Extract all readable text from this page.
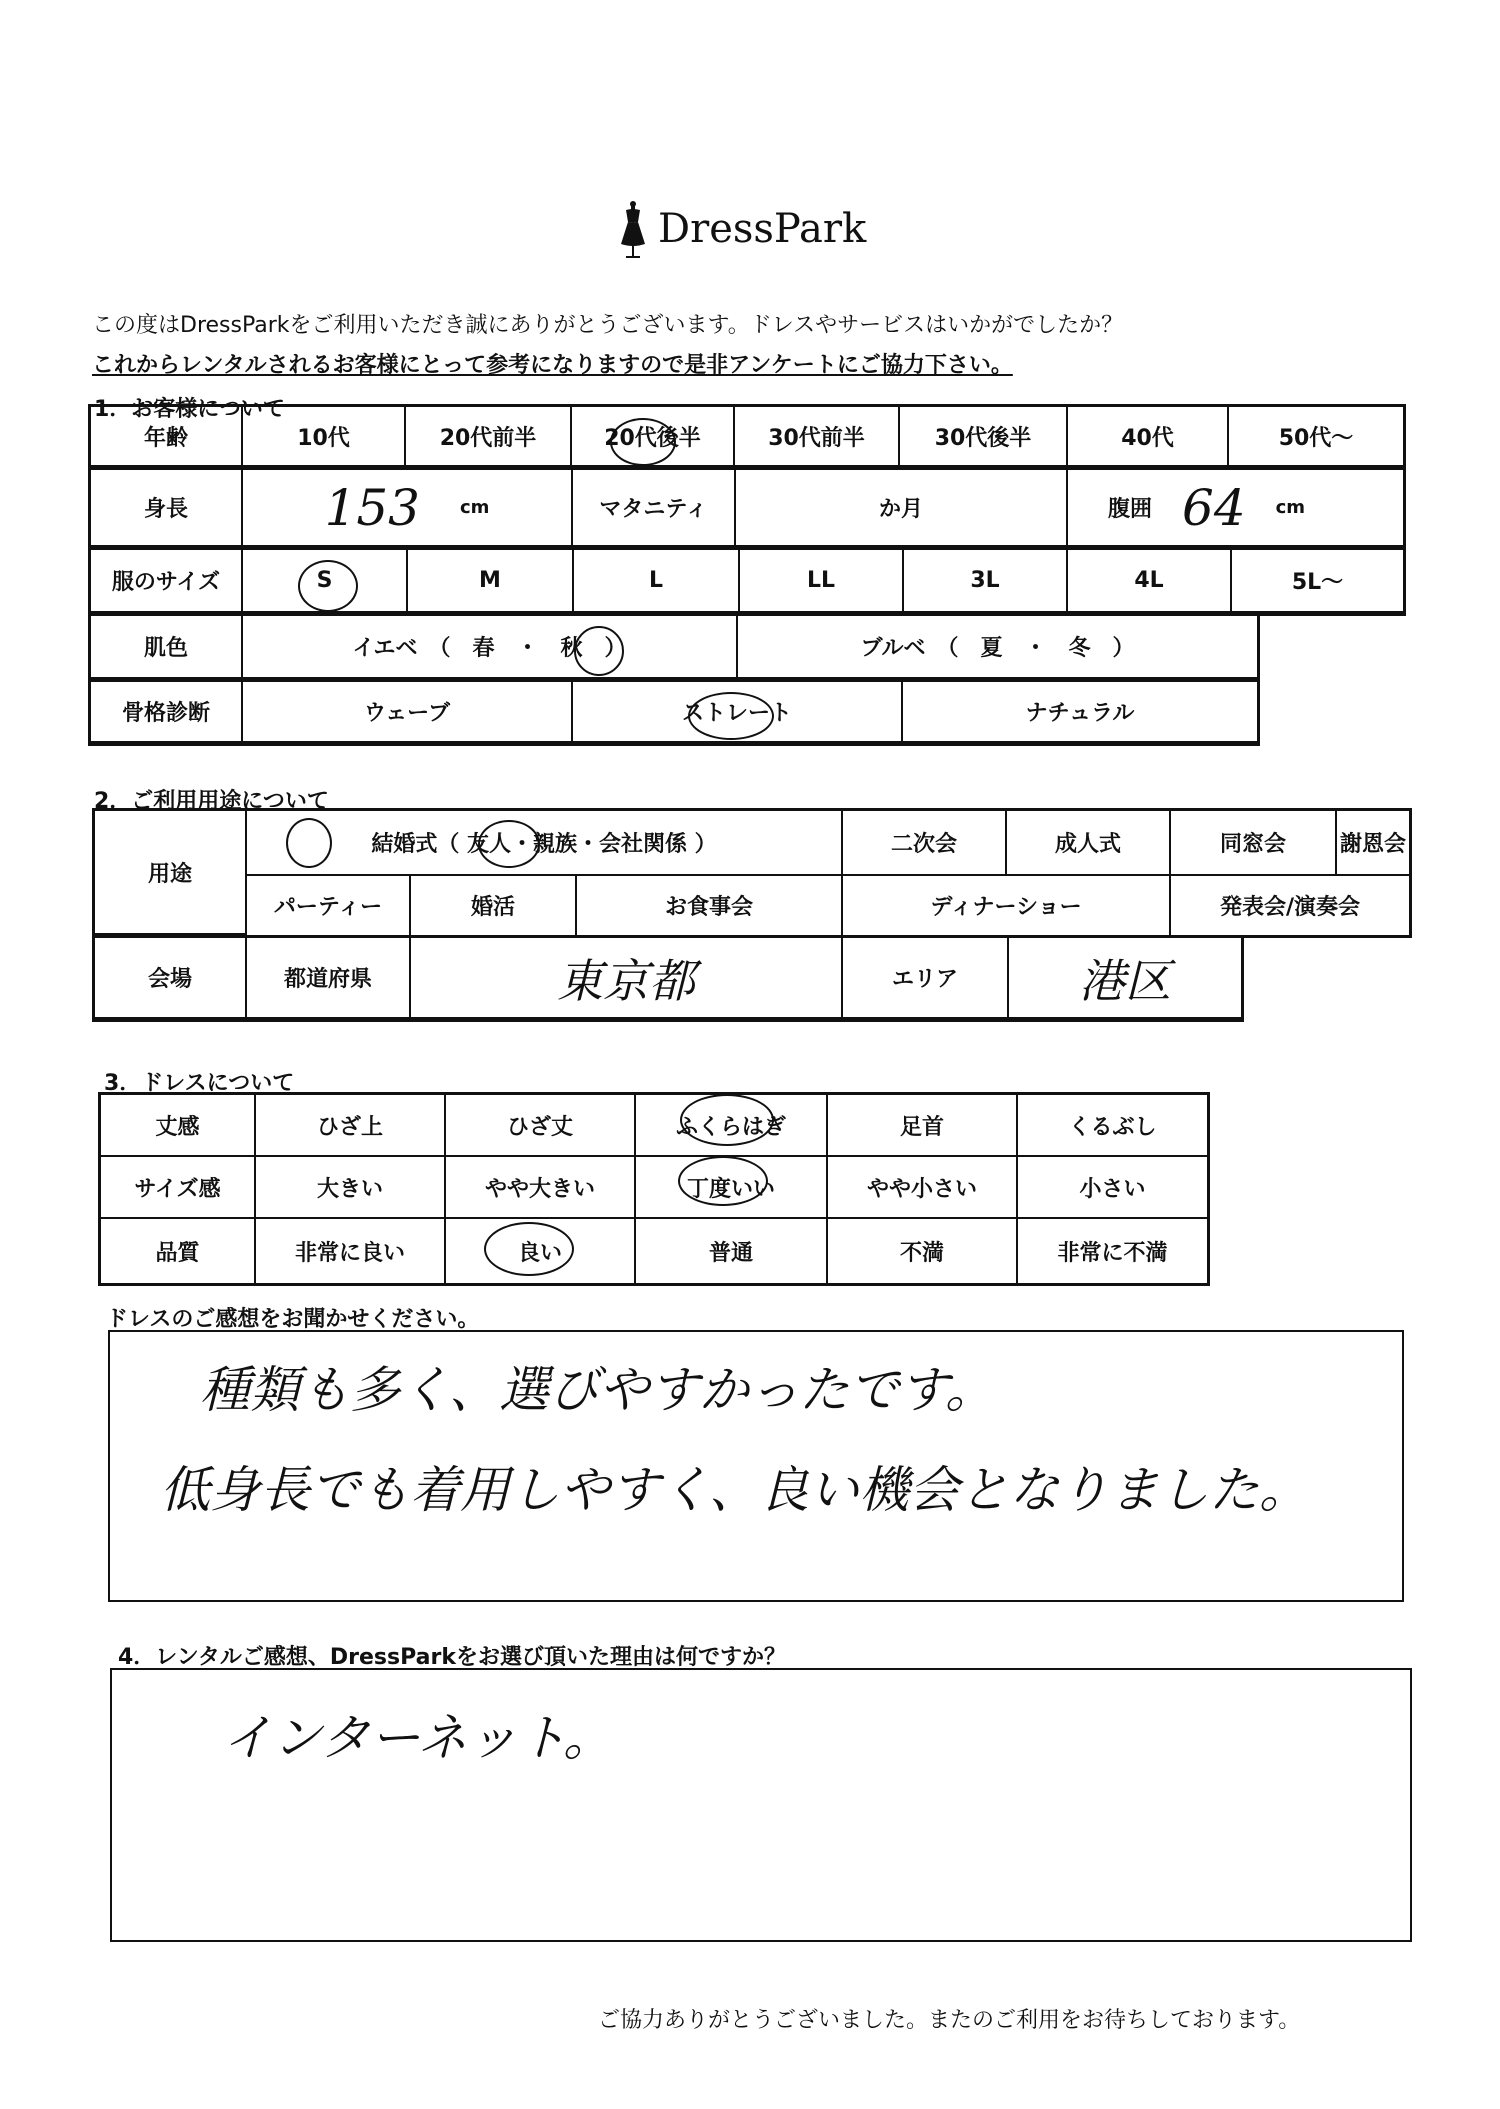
DressPark
この度はDressParkをご利用いただき誠にありがとうございます。ドレスやサービスはいかがでしたか？
これからレンタルされるお客様にとって参考になりますので是非アンケートにご協力下さい。
1．お客様について
年齢	10代	20代前半	20代後半	30代前半	30代後半	40代	50代～
身長	153 cm	マタニティ	か月	腹囲 64 cm
服のサイズ	S	M	L	LL	3L	4L	5L～
肌色	イエベ　（　春　・　秋　）	ブルベ　（　夏　・　冬　）
骨格診断	ウェーブ	ストレート	ナチュラル
2．ご利用用途について
用途
結婚式（ 友人・親族・会社関係 ）	二次会	成人式	同窓会	謝恩会
パーティー	婚活	お食事会	ディナーショー	発表会/演奏会
会場	都道府県	東京都	エリア	港区
3．ドレスについて
丈感	ひざ上	ひざ丈	ふくらはぎ	足首	くるぶし
サイズ感	大きい	やや大きい	丁度いい	やや小さい	小さい
品質	非常に良い	良い	普通	不満	非常に不満
ドレスのご感想をお聞かせください。
種類も多く、選びやすかったです。
低身長でも着用しやすく、良い機会となりました。
4．レンタルご感想、DressParkをお選び頂いた理由は何ですか？
インターネット。
ご協力ありがとうございました。またのご利用をお待ちしております。
